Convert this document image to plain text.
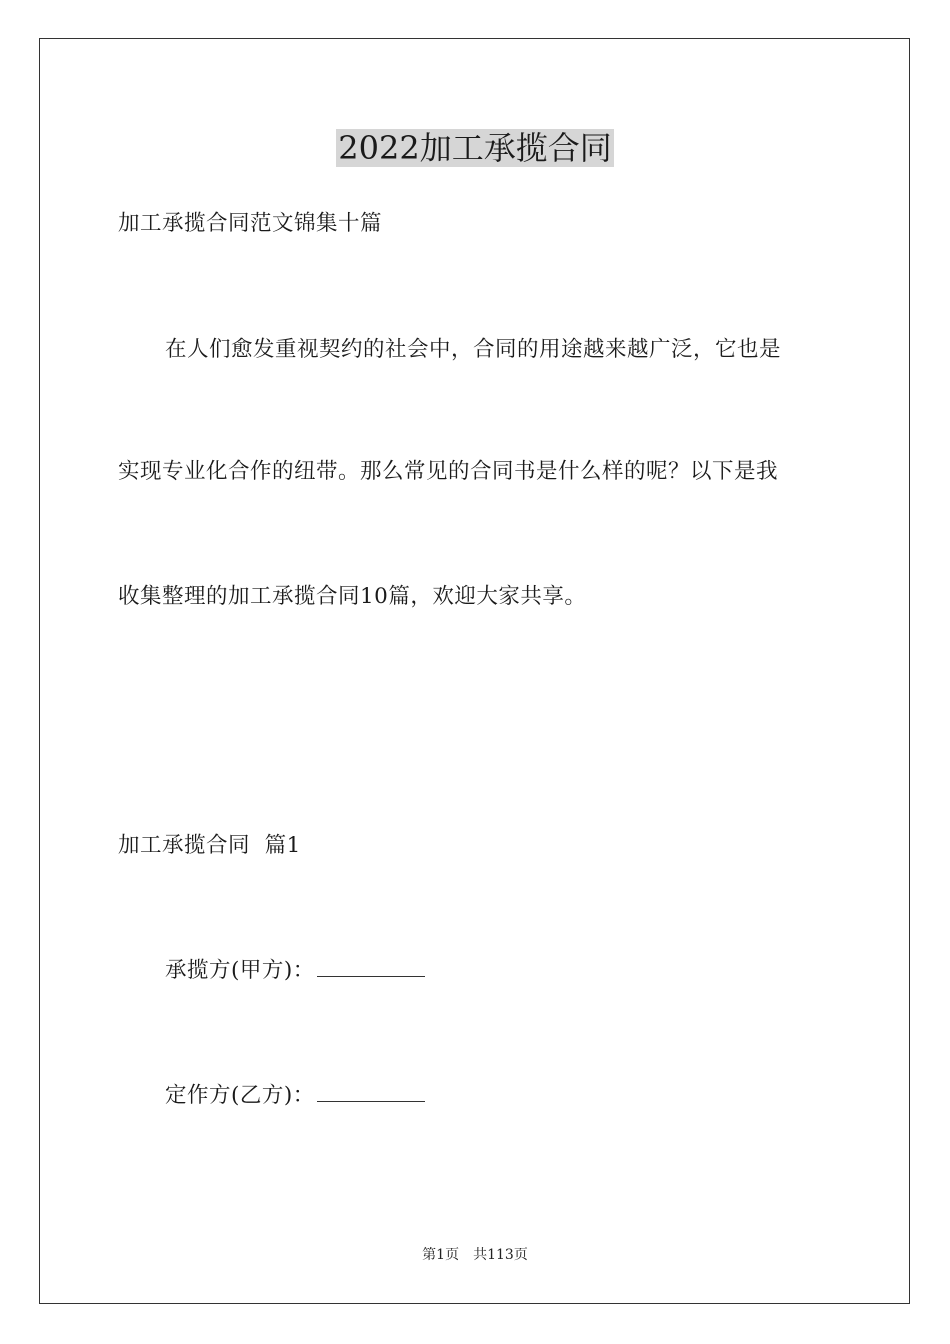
2022加工承揽合同

加工承揽合同范文锦集十篇

在人们愈发重视契约的社会中，合同的用途越来越广泛，它也是

实现专业化合作的纽带。那么常见的合同书是什么样的呢？以下是我

收集整理的加工承揽合同10篇，欢迎大家共享。

加工承揽合同  篇1

承揽方(甲方)：

定作方(乙方)：

第1页 共113页
